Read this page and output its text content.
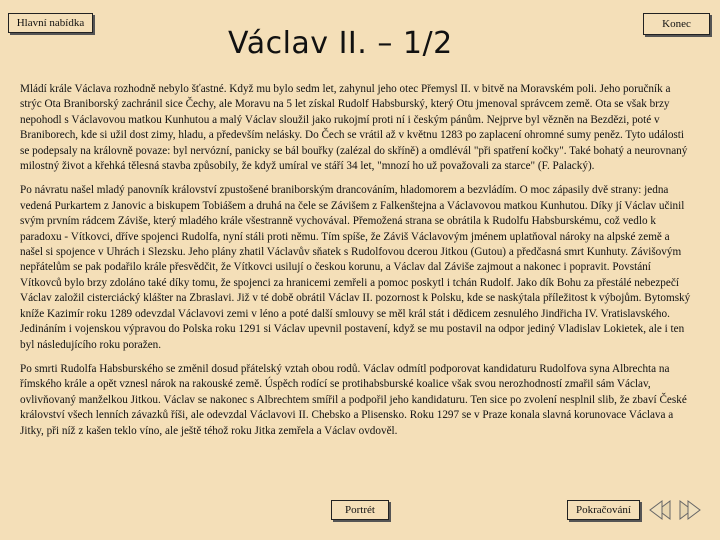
Hlavní nabídka
Václav II. – 1/2
Konec

Mládí krále Václava rozhodně nebylo šťastné. Když mu bylo sedm let, zahynul jeho otec Přemysl II. v bitvě na Moravském poli. Jeho poručník a strýc Ota Braniborský zachránil sice Čechy, ale Moravu na 5 let získal Rudolf Habsburský, který Otu jmenoval správcem země. Ota se však brzy nepohodl s Václavovou matkou Kunhutou a malý Václav sloužil jako rukojmí proti ní i českým pánům. Nejprve byl vězněn na Bezdězi, poté v Braniborech, kde si užil dost zimy, hladu, a především nelásky. Do Čech se vrátil až v květnu 1283 po zaplacení ohromné sumy peněz. Tyto události se podepsaly na královně povaze: byl nervózní, panicky se bál bouřky (zalézal do skříně) a omdlévál "při spatření kočky". Také bohatý a neurovnaný milostný život a křehká tělesná stavba způsobily, že když umíral ve stáří 34 let, "mnozí ho už považovali za starce" (F. Palacký).

Po návratu našel mladý panovník království zpustošené braniborským drancováním, hladomorem a bezvládím. O moc zápasily dvě strany: jedna vedená Purkartem z Janovic a biskupem Tobiášem a druhá na čele se Závišem z Falkenštejna a Václavovou matkou Kunhutou. Díky jí Václav učinil svým prvním rádcem Záviše, který mladého krále všestranně vychovával. Přemožená strana se obrátila k Rudolfu Habsburskému, což vedlo k paradoxu - Vítkovci, dříve spojenci Rudolfa, nyní stáli proti němu. Tím spíše, že Záviš Václavovým jménem uplatňoval nároky na alpské země a našel si spojence v Uhrách i Slezsku. Jeho plány zhatil Václavův sňatek s Rudolfovou dcerou Jitkou (Gutou) a předčasná smrt Kunhuty. Závišovým nepřátelům se pak podařilo krále přesvědčit, že Vítkovci usilují o českou korunu, a Václav dal Záviše zajmout a nakonec i popravit. Povstání Vítkovců bylo brzy zdoláno také díky tomu, že spojenci za hranicemi zemřeli a pomoc poskytl i tchán Rudolf. Jako dík Bohu za přestálé nebezpečí Václav založil cisterciácký klášter na Zbraslavi. Již v té době obrátil Václav II. pozornost k Polsku, kde se naskýtala příležitost k výbojům. Bytomský kníže Kazimír roku 1289 odevzdal Václavovi zemi v léno a poté další smlouvy se měl král stát i dědicem zesnulého Jindřicha IV. Vratislavského. Jedináním i vojenskou výpravou do Polska roku 1291 si Václav upevnil postavení, když se mu postavil na odpor jediný Vladislav Lokietek, ale i ten byl následujícího roku poražen.

Po smrti Rudolfa Habsburského se změnil dosud přátelský vztah obou rodů. Václav odmítl podporovat kandidaturu Rudolfova syna Albrechta na římského krále a opět vznesl nárok na rakouské země. Úspěch rodící se protihabsburské koalice však svou nerozhodností zmařil sám Václav, ovlivňovaný manželkou Jitkou. Václav se nakonec s Albrechtem smířil a podpořil jeho kandidaturu. Ten sice po zvolení nesplnil slib, že zbaví České království všech lenních závazků říši, ale odevzdal Václavovi II. Chebsko a Plisensko. Roku 1297 se v Praze konala slavná korunovace Václava a Jitky, při níž z kašen teklo víno, ale ještě téhož roku Jitka zemřela a Václav ovdověl.

Portrét	Pokračování
